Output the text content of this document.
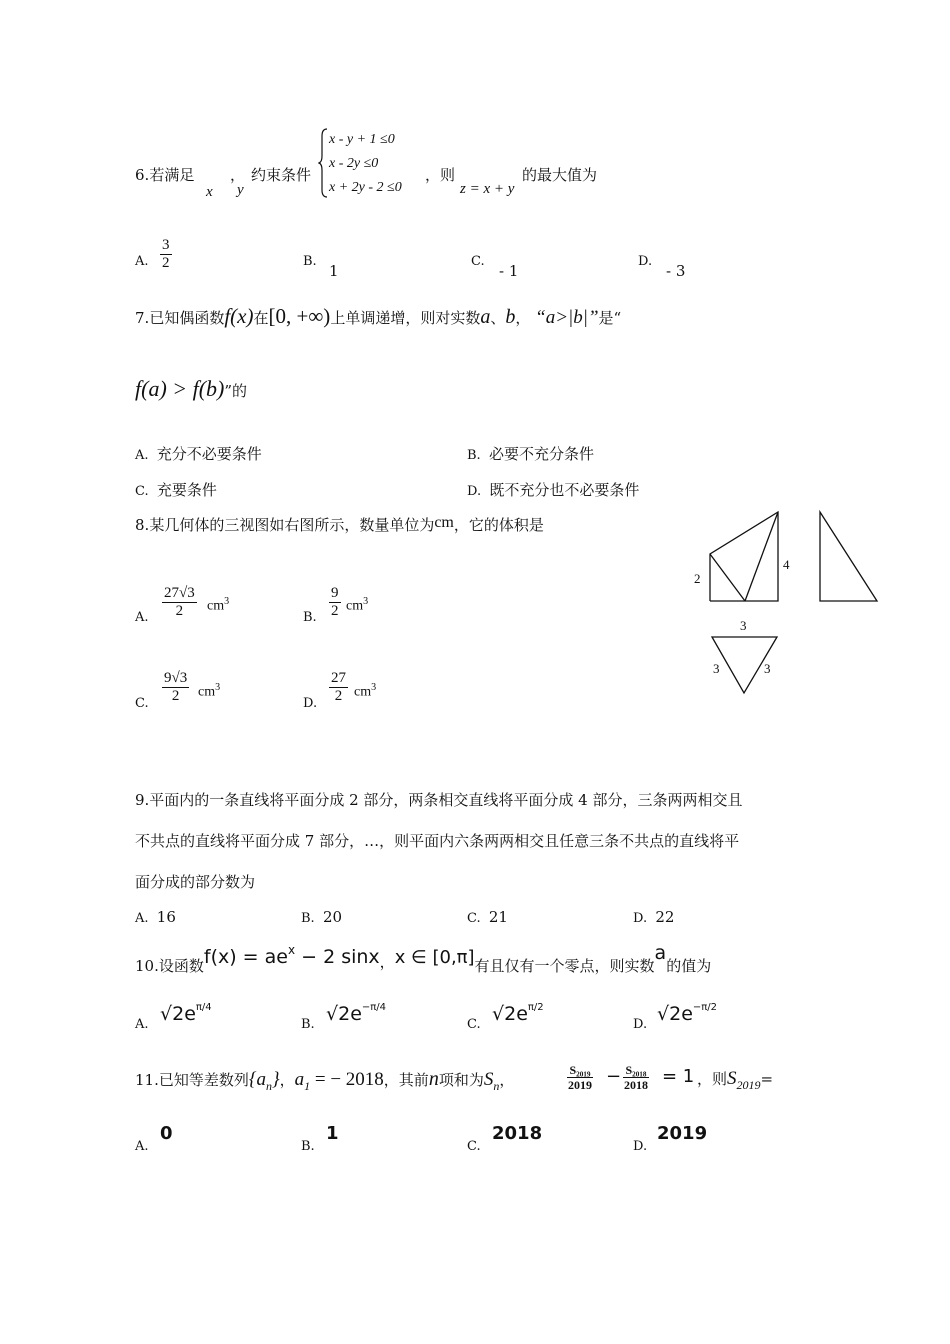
6.若满足 ，
x y
约束条件
x - y + 1 ≤0
x - 2y ≤0
x + 2y - 2 ≤0
，则
z = x + y
的最大值为
A. $\frac{3}{2}$	B.
1
C.
- 1
D.
- 3
7.已知偶函数f(x)在[0, +∞)上单调递增，则对实数a、b， “a>|b|”是“
f(a) > f(b)”的
A. 充分不必要条件	B. 必要不充分条件
C. 充要条件	D. 既不充分也不必要条件
8.某几何体的三视图如右图所示，数量单位为cm，它的体积是
A. $\frac{27√3}{2} cm^3$
B. $\frac{9}{2} cm^3$
C. $\frac{9√3}{2} cm^3$
D. $\frac{27}{2} cm^3$
2
4
3
3	3
9.平面内的一条直线将平面分成 2 部分，两条相交直线将平面分成 4 部分，三条两两相交且
不共点的直线将平面分成 7 部分，…，则平面内六条两两相交且任意三条不共点的直线将平
面分成的部分数为
A. 16	B. 20	C. 21	D. 22
10.设函数$f(x) = ae^x - 2$ sinx，x ∈ [0,π]有且仅有一个零点，则实数a的值为
A. $√2e^{\pi/4}$
B. $√2e^{-\pi/4}$
C. $√2e^{\pi/2}$
D. $√2e^{-\pi/2}$
11.已知等差数列$\{a_n\}$，$a_1$ = − 2018，其前n项和为$S_n$，	$\frac{\text{S₂₀₁₉}}{2019} - \frac{\text{S₂₀₁₈}}{2018} = 1$ ，则$S_{2019}=$
A.
0
B.
1
C.
2018
D.
2019
